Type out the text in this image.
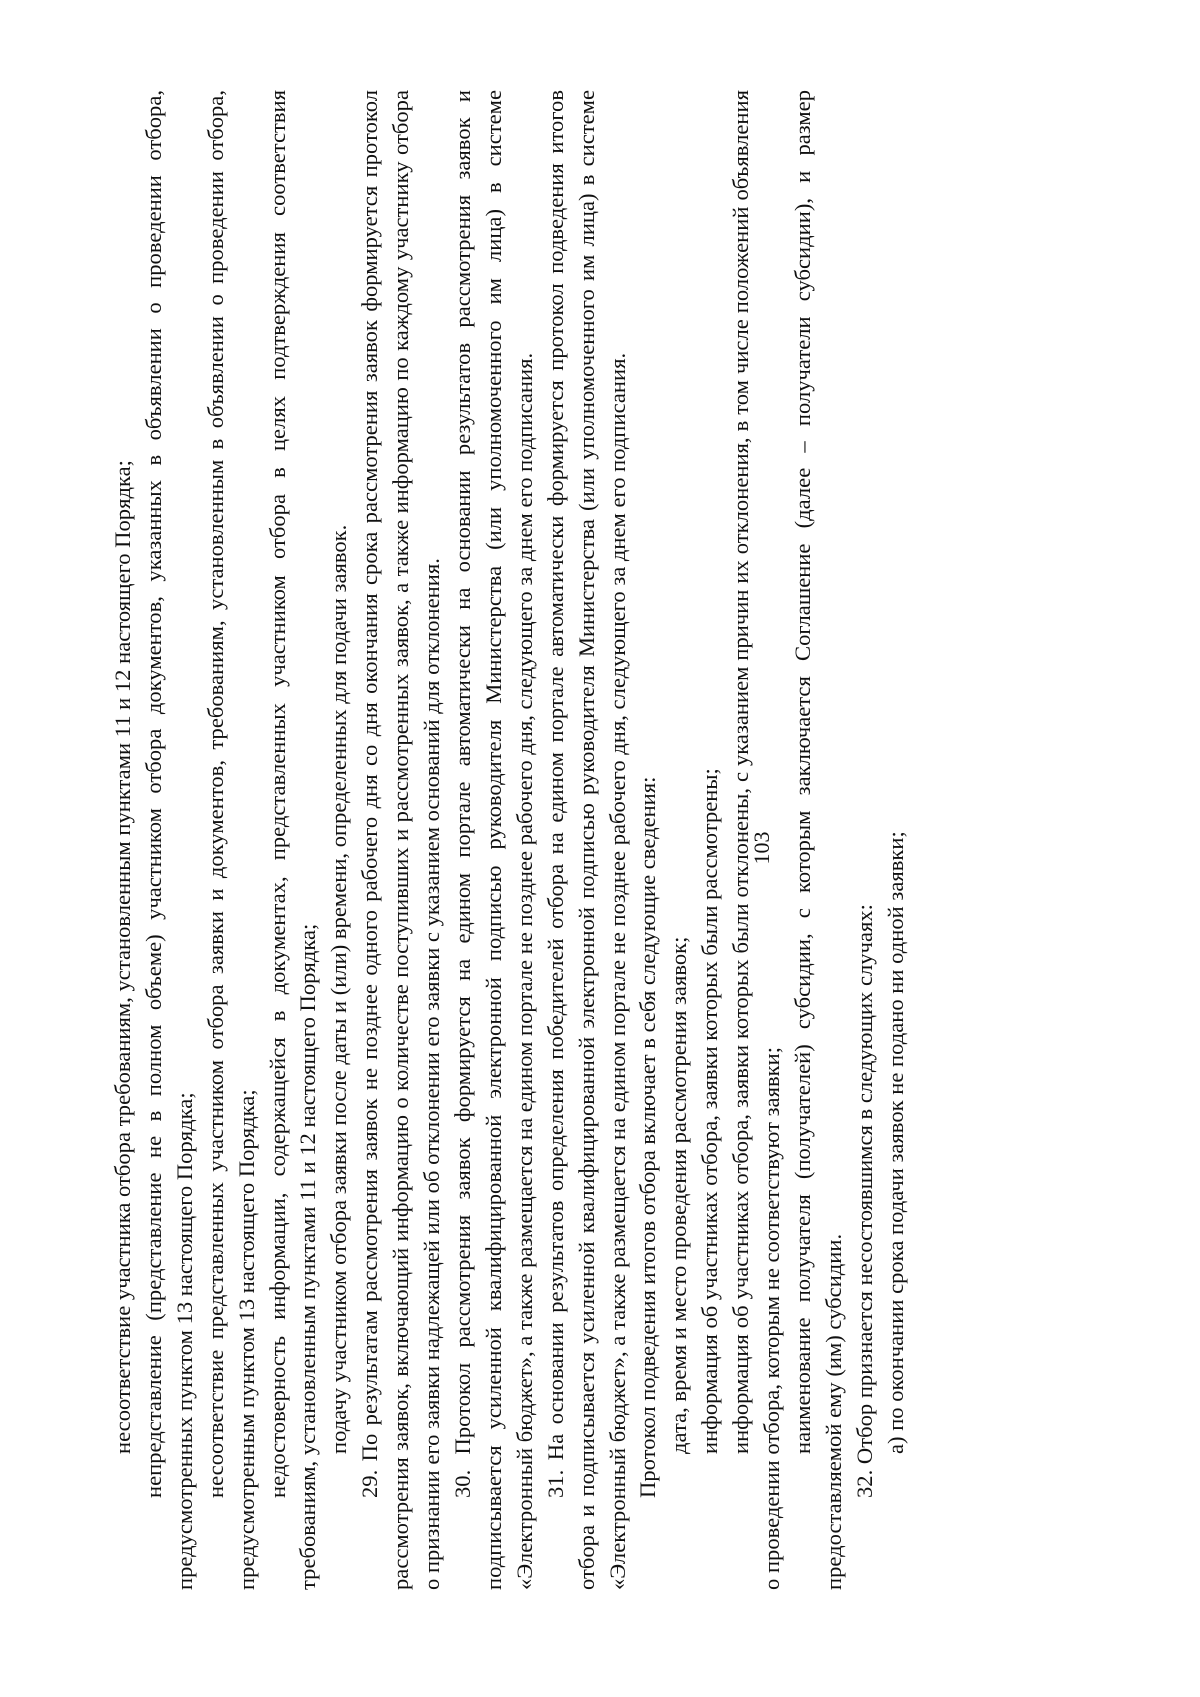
103

несоответствие участника отбора требованиям, установленным пунктами 11 и 12 настоящего Порядка; непредставление (представление не в полном объеме) участником отбора документов, указанных в объявлении о проведении отбора, предусмотренных пунктом 13 настоящего Порядка; несоответствие представленных участником отбора заявки и документов, требованиям, установленным в объявлении о проведении отбора, предусмотренным пунктом 13 настоящего Порядка; недостоверность информации, содержащейся в документах, представленных участником отбора в целях подтверждения соответствия требованиям, установленным пунктами 11 и 12 настоящего Порядка; подачу участником отбора заявки после даты и (или) времени, определенных для подачи заявок. 29. По результатам рассмотрения заявок не позднее одного рабочего дня со дня окончания срока рассмотрения заявок формируется протокол рассмотрения заявок, включающий информацию о количестве поступивших и рассмотренных заявок, а также информацию по каждому участнику отбора о признании его заявки надлежащей или об отклонении его заявки с указанием оснований для отклонения. 30. Протокол рассмотрения заявок формируется на едином портале автоматически на основании результатов рассмотрения заявок и подписывается усиленной квалифицированной электронной подписью руководителя Министерства (или уполномоченного им лица) в системе «Электронный бюджет», а также размещается на едином портале не позднее рабочего дня, следующего за днем его подписания. 31. На основании результатов определения победителей отбора на едином портале автоматически формируется протокол подведения итогов отбора и подписывается усиленной квалифицированной электронной подписью руководителя Министерства (или уполномоченного им лица) в системе «Электронный бюджет», а также размещается на едином портале не позднее рабочего дня, следующего за днем его подписания. Протокол подведения итогов отбора включает в себя следующие сведения: дата, время и место проведения рассмотрения заявок; информация об участниках отбора, заявки которых были рассмотрены; информация об участниках отбора, заявки которых были отклонены, с указанием причин их отклонения, в том числе положений объявления о проведении отбора, которым не соответствуют заявки; наименование получателя (получателей) субсидии, с которым заключается Соглашение (далее – получатели субсидии), и размер предоставляемой ему (им) субсидии. 32. Отбор признается несостоявшимся в следующих случаях: а) по окончании срока подачи заявок не подано ни одной заявки;
